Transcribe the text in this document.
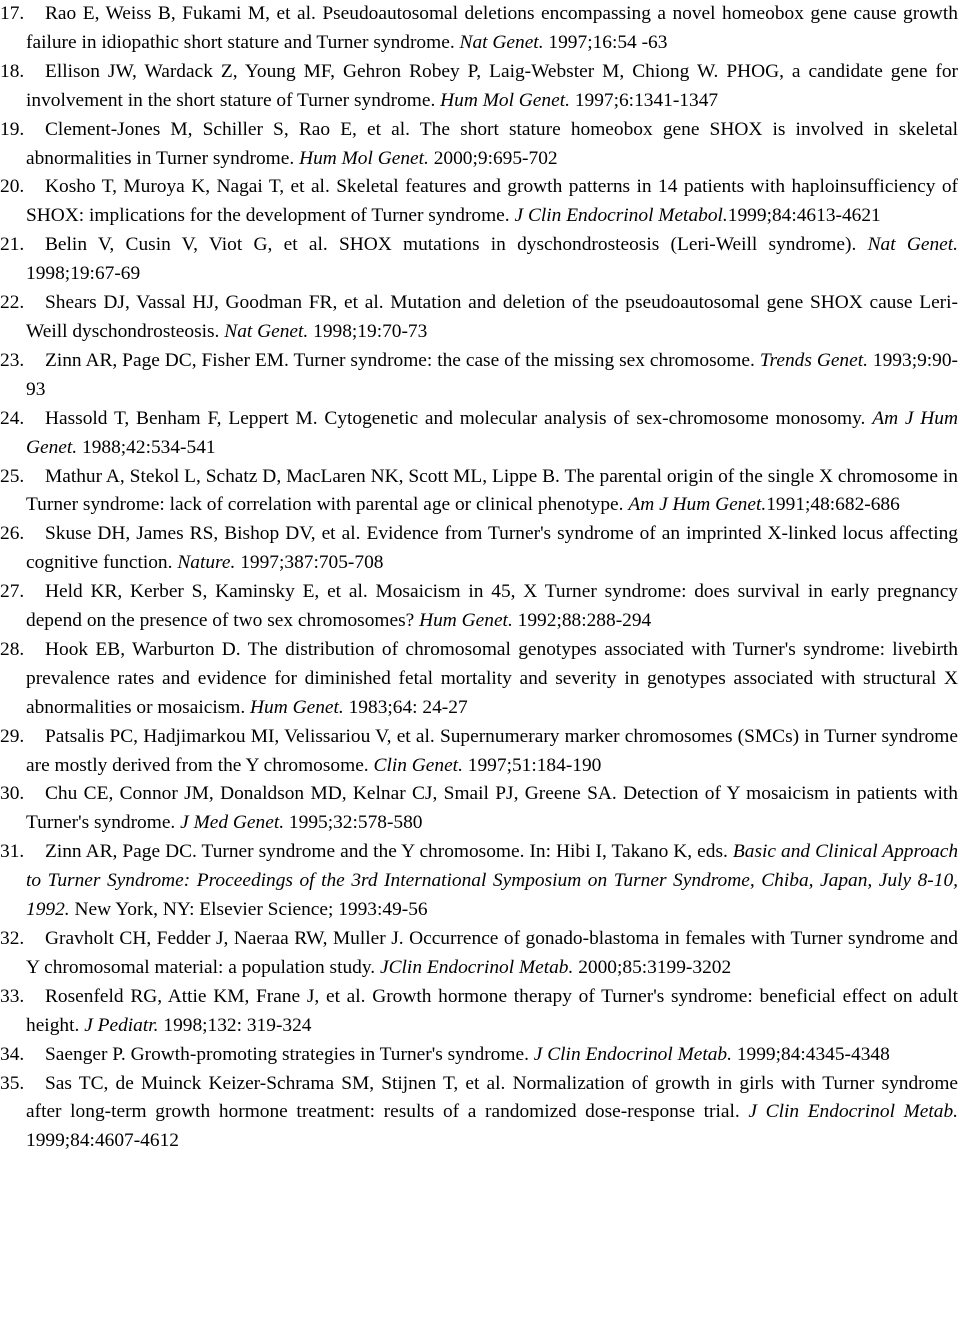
17. Rao E, Weiss B, Fukami M, et al. Pseudoautosomal deletions encompassing a novel homeobox gene cause growth failure in idiopathic short stature and Turner syndrome. Nat Genet. 1997;16:54 -63

18. Ellison JW, Wardack Z, Young MF, Gehron Robey P, Laig-Webster M, Chiong W. PHOG, a candidate gene for involvement in the short stature of Turner syndrome. Hum Mol Genet. 1997;6:1341-1347

19. Clement-Jones M, Schiller S, Rao E, et al. The short stature homeobox gene SHOX is involved in skeletal abnormalities in Turner syndrome. Hum Mol Genet. 2000;9:695-702

20. Kosho T, Muroya K, Nagai T, et al. Skeletal features and growth patterns in 14 patients with haploinsufficiency of SHOX: implications for the development of Turner syndrome. J Clin Endocrinol Metabol.1999;84:4613-4621

21. Belin V, Cusin V, Viot G, et al. SHOX mutations in dyschondrosteosis (Leri-Weill syndrome). Nat Genet. 1998;19:67-69

22. Shears DJ, Vassal HJ, Goodman FR, et al. Mutation and deletion of the pseudoautosomal gene SHOX cause Leri-Weill dyschondrosteosis. Nat Genet. 1998;19:70-73

23. Zinn AR, Page DC, Fisher EM. Turner syndrome: the case of the missing sex chromosome. Trends Genet. 1993;9:90-93

24. Hassold T, Benham F, Leppert M. Cytogenetic and molecular analysis of sex-chromosome monosomy. Am J Hum Genet. 1988;42:534-541

25. Mathur A, Stekol L, Schatz D, MacLaren NK, Scott ML, Lippe B. The parental origin of the single X chromosome in Turner syndrome: lack of correlation with parental age or clinical phenotype. Am J Hum Genet.1991;48:682-686

26. Skuse DH, James RS, Bishop DV, et al. Evidence from Turner's syndrome of an imprinted X-linked locus affecting cognitive function. Nature. 1997;387:705-708

27. Held KR, Kerber S, Kaminsky E, et al. Mosaicism in 45, X Turner syndrome: does survival in early pregnancy depend on the presence of two sex chromosomes? Hum Genet. 1992;88:288-294

28. Hook EB, Warburton D. The distribution of chromosomal genotypes associated with Turner's syndrome: livebirth prevalence rates and evidence for diminished fetal mortality and severity in genotypes associated with structural X abnormalities or mosaicism. Hum Genet. 1983;64: 24-27

29. Patsalis PC, Hadjimarkou MI, Velissariou V, et al. Supernumerary marker chromosomes (SMCs) in Turner syndrome are mostly derived from the Y chromosome. Clin Genet. 1997;51:184-190

30. Chu CE, Connor JM, Donaldson MD, Kelnar CJ, Smail PJ, Greene SA. Detection of Y mosaicism in patients with Turner's syndrome. J Med Genet. 1995;32:578-580

31. Zinn AR, Page DC. Turner syndrome and the Y chromosome. In: Hibi I, Takano K, eds. Basic and Clinical Approach to Turner Syndrome: Proceedings of the 3rd International Symposium on Turner Syndrome, Chiba, Japan, July 8-10, 1992. New York, NY: Elsevier Science; 1993:49-56

32. Gravholt CH, Fedder J, Naeraa RW, Muller J. Occurrence of gonado-blastoma in females with Turner syndrome and Y chromosomal material: a population study. JClin Endocrinol Metab. 2000;85:3199-3202

33. Rosenfeld RG, Attie KM, Frane J, et al. Growth hormone therapy of Turner's syndrome: beneficial effect on adult height. J Pediatr. 1998;132: 319-324

34. Saenger P. Growth-promoting strategies in Turner's syndrome. J Clin Endocrinol Metab. 1999;84:4345-4348

35. Sas TC, de Muinck Keizer-Schrama SM, Stijnen T, et al. Normalization of growth in girls with Turner syndrome after long-term growth hormone treatment: results of a randomized dose-response trial. J Clin Endocrinol Metab. 1999;84:4607-4612
